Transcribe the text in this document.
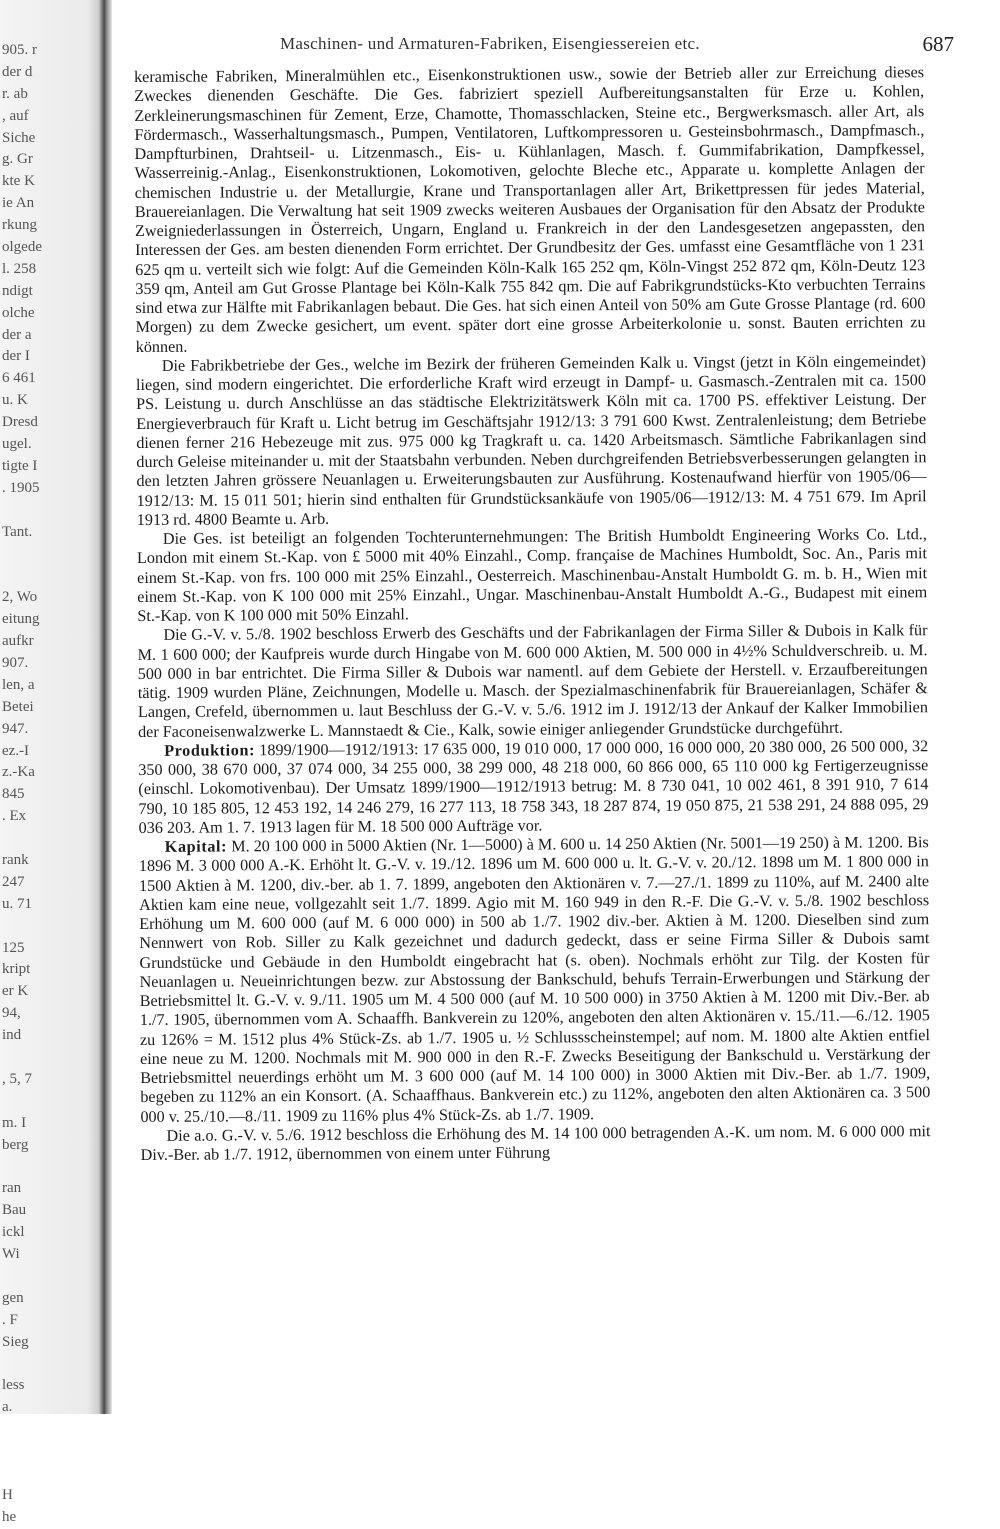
905. r
der d
r. ab
, auf
Siche
g. Gr
kte K
ie An
rkung
olgede
l. 258
ndigt
olche
der a
der I
6 461
u. K
Dresd
ugel.
tigte I
. 1905
Tant.
2, Wo
eitung
aufkr
907.
len, a
Betei
947.
ez.-I
z.-Ka
845
. Ex
rank
247
u. 71
125
kript
er K
94,
ind
, 5, 7
m. I
berg
ran
Bau
ickl
Wi
gen
. F
Sieg
less
a.
H
he
Maschinen- und Armaturen-Fabriken, Eisengiessereien etc.	687

keramische Fabriken, Mineralmühlen etc., Eisenkonstruktionen usw., sowie der Betrieb aller zur Erreichung dieses Zweckes dienenden Geschäfte. Die Ges. fabriziert speziell Aufbereitungsanstalten für Erze u. Kohlen, Zerkleinerungsmaschinen für Zement, Erze, Chamotte, Thomasschlacken, Steine etc., Bergwerksmasch. aller Art, als Fördermasch., Wasserhaltungsmasch., Pumpen, Ventilatoren, Luftkompressoren u. Gesteinsbohrmasch., Dampfmasch., Dampfturbinen, Drahtseil- u. Litzenmasch., Eis- u. Kühlanlagen, Masch. f. Gummifabrikation, Dampfkessel, Wasserreinig.-Anlag., Eisenkonstruktionen, Lokomotiven, gelochte Bleche etc., Apparate u. komplette Anlagen der chemischen Industrie u. der Metallurgie, Krane und Transportanlagen aller Art, Brikettpressen für jedes Material, Brauereianlagen. Die Verwaltung hat seit 1909 zwecks weiteren Ausbaues der Organisation für den Absatz der Produkte Zweigniederlassungen in Österreich, Ungarn, England u. Frankreich in der den Landesgesetzen angepassten, den Interessen der Ges. am besten dienenden Form errichtet. Der Grundbesitz der Ges. umfasst eine Gesamtfläche von 1 231 625 qm u. verteilt sich wie folgt: Auf die Gemeinden Köln-Kalk 165 252 qm, Köln-Vingst 252 872 qm, Köln-Deutz 123 359 qm, Anteil am Gut Grosse Plantage bei Köln-Kalk 755 842 qm. Die auf Fabrikgrundstücks-Kto verbuchten Terrains sind etwa zur Hälfte mit Fabrikanlagen bebaut. Die Ges. hat sich einen Anteil von 50% am Gute Grosse Plantage (rd. 600 Morgen) zu dem Zwecke gesichert, um event. später dort eine grosse Arbeiterkolonie u. sonst. Bauten errichten zu können.

Die Fabrikbetriebe der Ges., welche im Bezirk der früheren Gemeinden Kalk u. Vingst (jetzt in Köln eingemeindet) liegen, sind modern eingerichtet. Die erforderliche Kraft wird erzeugt in Dampf- u. Gasmasch.-Zentralen mit ca. 1500 PS. Leistung u. durch Anschlüsse an das städtische Elektrizitätswerk Köln mit ca. 1700 PS. effektiver Leistung. Der Energieverbrauch für Kraft u. Licht betrug im Geschäftsjahr 1912/13: 3 791 600 Kwst. Zentralenleistung; dem Betriebe dienen ferner 216 Hebezeuge mit zus. 975 000 kg Tragkraft u. ca. 1420 Arbeitsmasch. Sämtliche Fabrikanlagen sind durch Geleise miteinander u. mit der Staatsbahn verbunden. Neben durchgreifenden Betriebsverbesserungen gelangten in den letzten Jahren grössere Neuanlagen u. Erweiterungsbauten zur Ausführung. Kostenaufwand hierfür von 1905/06—1912/13: M. 15 011 501; hierin sind enthalten für Grundstücksankäufe von 1905/06—1912/13: M. 4 751 679. Im April 1913 rd. 4800 Beamte u. Arb.

Die Ges. ist beteiligt an folgenden Tochterunternehmungen: The British Humboldt Engineering Works Co. Ltd., London mit einem St.-Kap. von £ 5000 mit 40% Einzahl., Comp. française de Machines Humboldt, Soc. An., Paris mit einem St.-Kap. von frs. 100 000 mit 25% Einzahl., Oesterreich. Maschinenbau-Anstalt Humboldt G. m. b. H., Wien mit einem St.-Kap. von K 100 000 mit 25% Einzahl., Ungar. Maschinenbau-Anstalt Humboldt A.-G., Budapest mit einem St.-Kap. von K 100 000 mit 50% Einzahl.

Die G.-V. v. 5./8. 1902 beschloss Erwerb des Geschäfts und der Fabrikanlagen der Firma Siller & Dubois in Kalk für M. 1 600 000; der Kaufpreis wurde durch Hingabe von M. 600 000 Aktien, M. 500 000 in 4½% Schuldverschreib. u. M. 500 000 in bar entrichtet. Die Firma Siller & Dubois war namentl. auf dem Gebiete der Herstell. v. Erzaufbereitungen tätig. 1909 wurden Pläne, Zeichnungen, Modelle u. Masch. der Spezialmaschinenfabrik für Brauereianlagen, Schäfer & Langen, Crefeld, übernommen u. laut Beschluss der G.-V. v. 5./6. 1912 im J. 1912/13 der Ankauf der Kalker Immobilien der Faconeisenwalzwerke L. Mannstaedt & Cie., Kalk, sowie einiger anliegender Grundstücke durchgeführt.

Produktion: 1899/1900—1912/1913: 17 635 000, 19 010 000, 17 000 000, 16 000 000, 20 380 000, 26 500 000, 32 350 000, 38 670 000, 37 074 000, 34 255 000, 38 299 000, 48 218 000, 60 866 000, 65 110 000 kg Fertigerzeugnisse (einschl. Lokomotivenbau). Der Umsatz 1899/1900—1912/1913 betrug: M. 8 730 041, 10 002 461, 8 391 910, 7 614 790, 10 185 805, 12 453 192, 14 246 279, 16 277 113, 18 758 343, 18 287 874, 19 050 875, 21 538 291, 24 888 095, 29 036 203. Am 1. 7. 1913 lagen für M. 18 500 000 Aufträge vor.

Kapital: M. 20 100 000 in 5000 Aktien (Nr. 1—5000) à M. 600 u. 14 250 Aktien (Nr. 5001—19 250) à M. 1200. Bis 1896 M. 3 000 000 A.-K. Erhöht lt. G.-V. v. 19./12. 1896 um M. 600 000 u. lt. G.-V. v. 20./12. 1898 um M. 1 800 000 in 1500 Aktien à M. 1200, div.-ber. ab 1. 7. 1899, angeboten den Aktionären v. 7.—27./1. 1899 zu 110%, auf M. 2400 alte Aktien kam eine neue, vollgezahlt seit 1./7. 1899. Agio mit M. 160 949 in den R.-F. Die G.-V. v. 5./8. 1902 beschloss Erhöhung um M. 600 000 (auf M. 6 000 000) in 500 ab 1./7. 1902 div.-ber. Aktien à M. 1200. Dieselben sind zum Nennwert von Rob. Siller zu Kalk gezeichnet und dadurch gedeckt, dass er seine Firma Siller & Dubois samt Grundstücke und Gebäude in den Humboldt eingebracht hat (s. oben). Nochmals erhöht zur Tilg. der Kosten für Neuanlagen u. Neueinrichtungen bezw. zur Abstossung der Bankschuld, behufs Terrain-Erwerbungen und Stärkung der Betriebsmittel lt. G.-V. v. 9./11. 1905 um M. 4 500 000 (auf M. 10 500 000) in 3750 Aktien à M. 1200 mit Div.-Ber. ab 1./7. 1905, übernommen vom A. Schaaffh. Bankverein zu 120%, angeboten den alten Aktionären v. 15./11.—6./12. 1905 zu 126% = M. 1512 plus 4% Stück-Zs. ab 1./7. 1905 u. ½ Schlussscheinstempel; auf nom. M. 1800 alte Aktien entfiel eine neue zu M. 1200. Nochmals mit M. 900 000 in den R.-F. Zwecks Beseitigung der Bankschuld u. Verstärkung der Betriebsmittel neuerdings erhöht um M. 3 600 000 (auf M. 14 100 000) in 3000 Aktien mit Div.-Ber. ab 1./7. 1909, begeben zu 112% an ein Konsort. (A. Schaaffhaus. Bankverein etc.) zu 112%, angeboten den alten Aktionären ca. 3 500 000 v. 25./10.—8./11. 1909 zu 116% plus 4% Stück-Zs. ab 1./7. 1909.

Die a.o. G.-V. v. 5./6. 1912 beschloss die Erhöhung des M. 14 100 000 betragenden A.-K. um nom. M. 6 000 000 mit Div.-Ber. ab 1./7. 1912, übernommen von einem unter Führung
